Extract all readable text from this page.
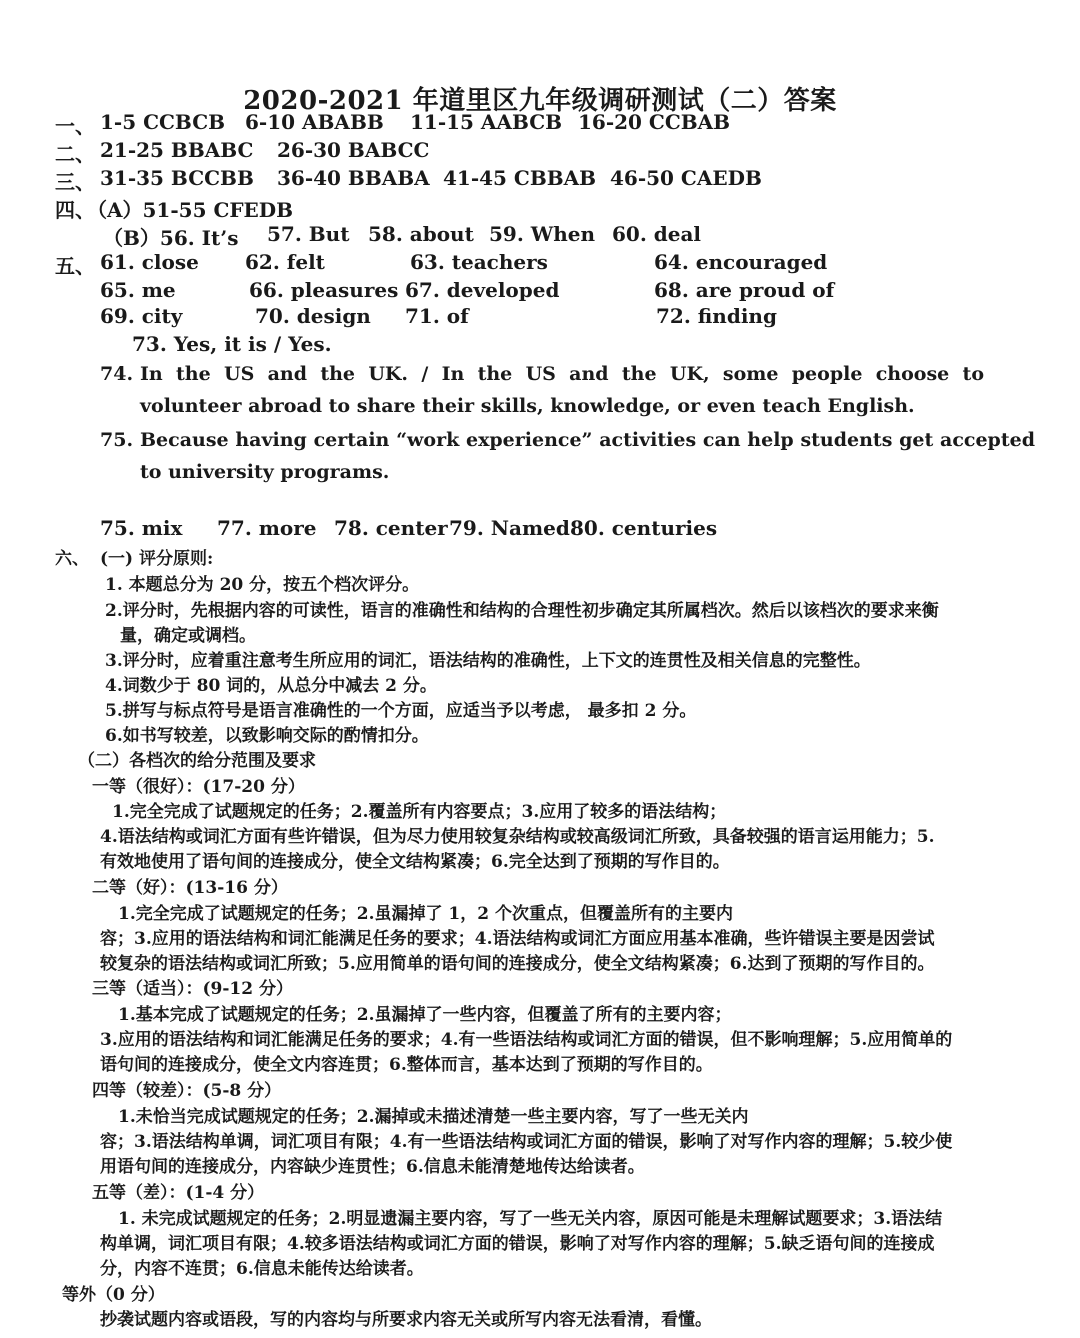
2020-2021 年道里区九年级调研测试（二）答案
一、 1-5 CCBCB 6-10 ABABB 11-15 AABCB 16-20 CCBAB
二、 21-25 BBABC 26-30 BABCC
三、 31-35 BCCBB 36-40 BBABA 41-45 CBBAB 46-50 CAEDB
四、
（A）51-55 CFEDB
（B）56. It’s 57. But 58. about 59. When 60. deal
五、 61. close 62. felt	63. teachers	64. encouraged
65. me	66. pleasures 67. developed	68. are proud of
69. city	70. design 71. of	72. finding
73. Yes, it is / Yes.
74. In the US and the UK. / In the US and the UK, some people choose to volunteer abroad to share their skills, knowledge, or even teach English.
75. Because having certain “work experience” activities can help students get accepted to university programs.
75. mix 77. more 78. center 79. Named 80. centuries
六、 (一) 评分原则:
1. 本题总分为 20 分，按五个档次评分。
2.评分时，先根据内容的可读性，语言的准确性和结构的合理性初步确定其所属档次。然后以该档次的要求来衡
量，确定或调档。
3.评分时，应着重注意考生所应用的词汇，语法结构的准确性，上下文的连贯性及相关信息的完整性。
4.词数少于 80 词的，从总分中减去 2 分。
5.拼写与标点符号是语言准确性的一个方面，应适当予以考虑， 最多扣 2 分。
6.如书写较差，以致影响交际的酌情扣分。
（二）各档次的给分范围及要求
一等（很好）：(17-20 分）
1.完全完成了试题规定的任务；2.覆盖所有内容要点；3.应用了较多的语法结构；
4.语法结构或词汇方面有些许错误，但为尽力使用较复杂结构或较高级词汇所致，具备较强的语言运用能力；5.
有效地使用了语句间的连接成分，使全文结构紧凑；6.完全达到了预期的写作目的。
二等（好）：(13-16 分）
1.完全完成了试题规定的任务；2.虽漏掉了 1，2 个次重点，但覆盖所有的主要内
容；3.应用的语法结构和词汇能满足任务的要求；4.语法结构或词汇方面应用基本准确，些许错误主要是因尝试
较复杂的语法结构或词汇所致；5.应用简单的语句间的连接成分，使全文结构紧凑；6.达到了预期的写作目的。
三等（适当）：(9-12 分）
1.基本完成了试题规定的任务；2.虽漏掉了一些内容，但覆盖了所有的主要内容；
3.应用的语法结构和词汇能满足任务的要求；4.有一些语法结构或词汇方面的错误，但不影响理解；5.应用简单的
语句间的连接成分，使全文内容连贯；6.整体而言，基本达到了预期的写作目的。
四等（较差）：(5-8 分）
1.未恰当完成试题规定的任务；2.漏掉或未描述清楚一些主要内容，写了一些无关内
容；3.语法结构单调，词汇项目有限；4.有一些语法结构或词汇方面的错误，影响了对写作内容的理解；5.较少使
用语句间的连接成分，内容缺少连贯性；6.信息未能清楚地传达给读者。
五等（差）：(1-4 分）
1. 未完成试题规定的任务；2.明显遗漏主要内容，写了一些无关内容，原因可能是未理解试题要求；3.语法结
构单调，词汇项目有限；4.较多语法结构或词汇方面的错误，影响了对写作内容的理解；5.缺乏语句间的连接成
分，内容不连贯；6.信息未能传达给读者。
等外（0 分）
抄袭试题内容或语段，写的内容均与所要求内容无关或所写内容无法看清，看懂。
